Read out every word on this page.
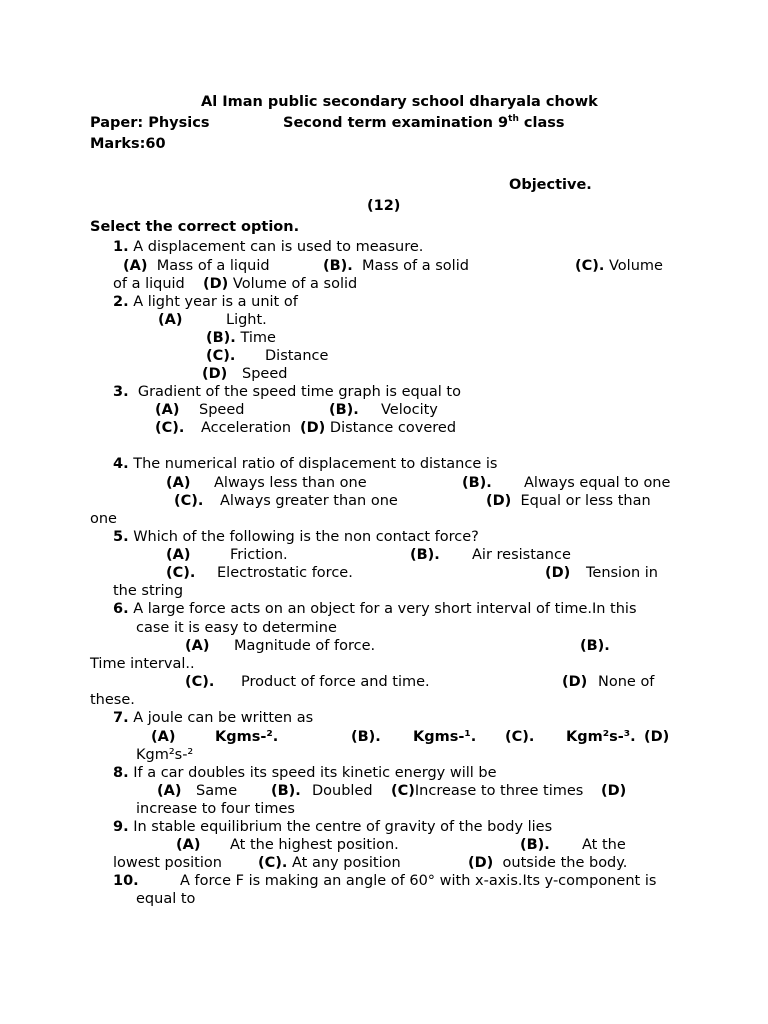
Al Iman public secondary school dharyala chowk
Paper: Physics	Second term examination 9th class
Marks:60
Objective.
(12)
Select the correct option.
1. A displacement can is used to measure.
(A) Mass of a liquid	(B). Mass of a solid	(C). Volume
of a liquid (D) Volume of a solid
2. A light year is a unit of
(A)	Light.
(B). Time
(C). Distance
(D) Speed
3. Gradient of the speed time graph is equal to
(A) Speed	(B). Velocity
(C). Acceleration (D) Distance covered
4. The numerical ratio of displacement to distance is
(A) Always less than one	(B). Always equal to one
(C). Always greater than one	(D) Equal or less than
one
5. Which of the following is the non contact force?
(A)	Friction.	(B). Air resistance
(C). Electrostatic force.	(D) Tension in
the string
6. A large force acts on an object for a very short interval of time.In this
case it is easy to determine
(A) Magnitude of force.	(B).
Time interval..
(C). Product of force and time.	(D) None of
these.
7. A joule can be written as
(A)	Kgms-².	(B). Kgms-¹. (C). Kgm²s-³. (D)
Kgm²s-²
8. If a car doubles its speed its kinetic energy will be
(A) Same (B). Doubled (C)Increase to three times (D)
increase to four times
9. In stable equilibrium the centre of gravity of the body lies
(A) At the highest position.	(B). At the
lowest position (C). At any position	(D) outside the body.
10.	A force F is making an angle of 60° with x-axis.Its y-component is
equal to
